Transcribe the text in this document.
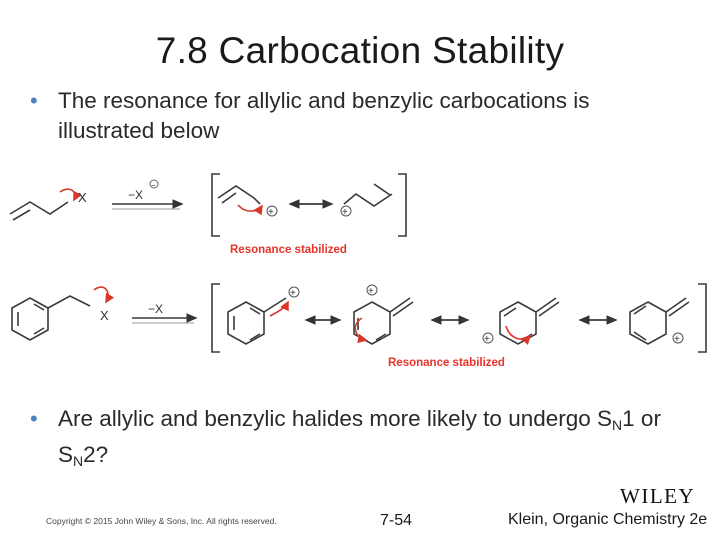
7.8 Carbocation Stability
• The resonance for allylic and benzylic carbocations is illustrated below
• Are allylic and benzylic halides more likely to undergo $S_N1$ or $S_N2$?
X	−X
X	−X
+	+
+	+
+	+
−
Resonance stabilized
Resonance stabilized
Copyright © 2015 John Wiley & Sons, Inc. All rights reserved.	7-54	Klein, Organic Chemistry 2e
WILEY
